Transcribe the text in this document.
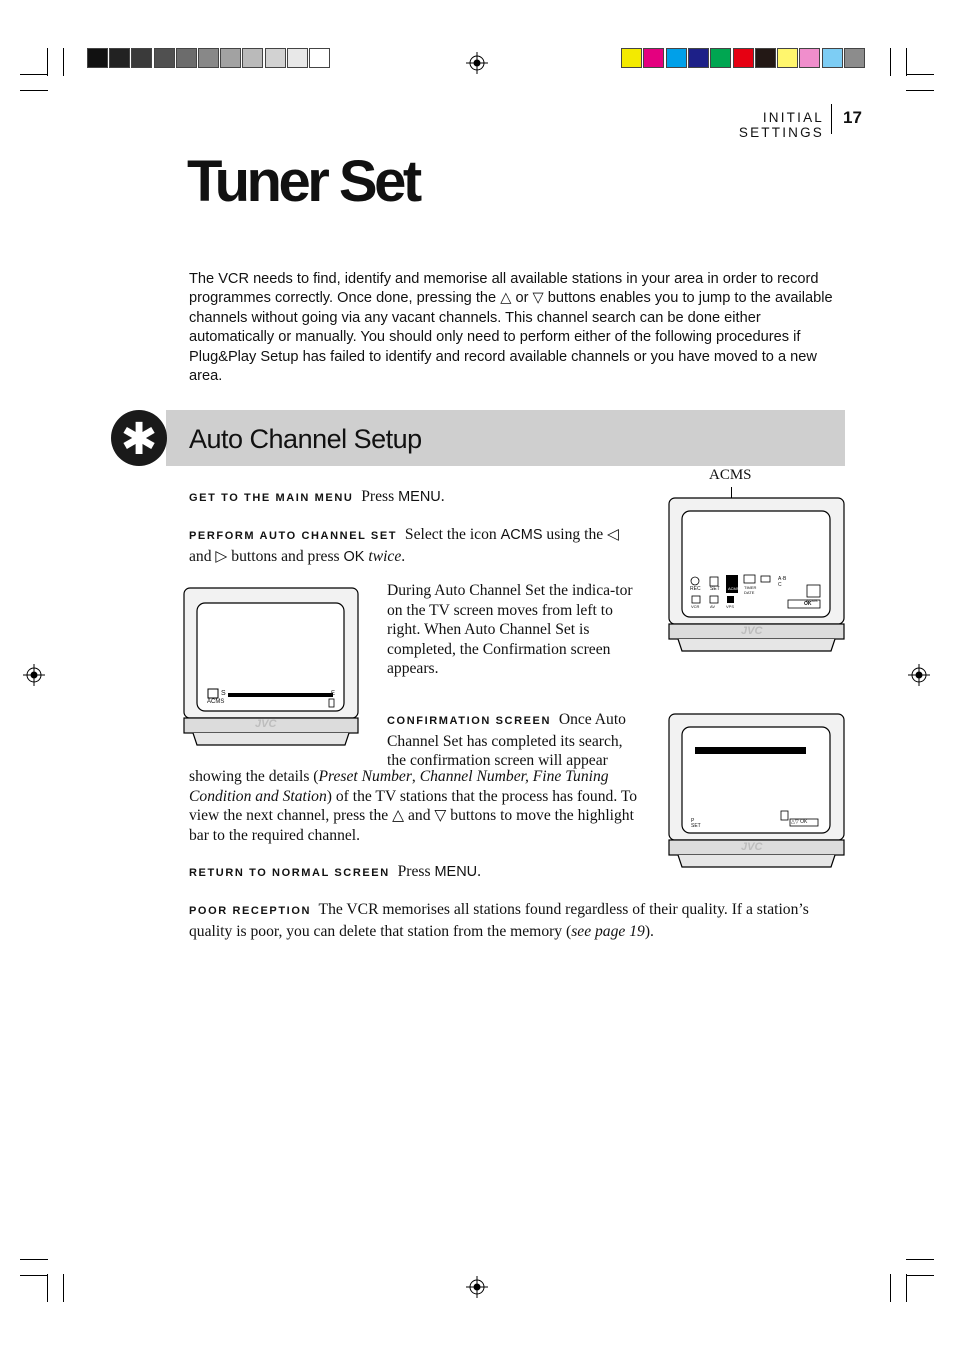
INITIAL SETTINGS
17
Tuner Set
The VCR needs to find, identify and memorise all available stations in your area in order to record programmes correctly. Once done, pressing the △ or ▽ buttons enables you to jump to the available channels without going via any vacant channels. This channel search can be done either automatically or manually. You should only need to perform either of the following procedures if Plug&Play Setup has failed to identify and record available channels or you have moved to a new area.
✱	Auto Channel Setup
GET TO THE MAIN MENU Press MENU.
PERFORM AUTO CHANNEL SET Select the icon ACMS using the ◁
and ▷ buttons and press OK twice.
During Auto Channel Set the indica-tor on the TV screen moves from left to right. When Auto Channel Set is completed, the Confirmation screen appears.
CONFIRMATION SCREEN Once Auto Channel Set has completed its search, the confirmation screen will appear
showing the details (Preset Number, Channel Number, Fine Tuning Condition and Station) of the TV stations that the process has found. To view the next channel, press the △ and ▽ buttons to move the highlight bar to the required channel.
RETURN TO NORMAL SCREEN Press MENU.
POOR RECEPTION The VCR memorises all stations found regardless of their quality. If a station’s quality is poor, you can delete that station from the memory (see page 19).
ACMS
ACMS
S	E
JVC
REC SET ACMS TIMER DATE
A·B C
VCR	AV	VPS
ACMS
OK
JVC
P SET
△▽ OK
JVC
